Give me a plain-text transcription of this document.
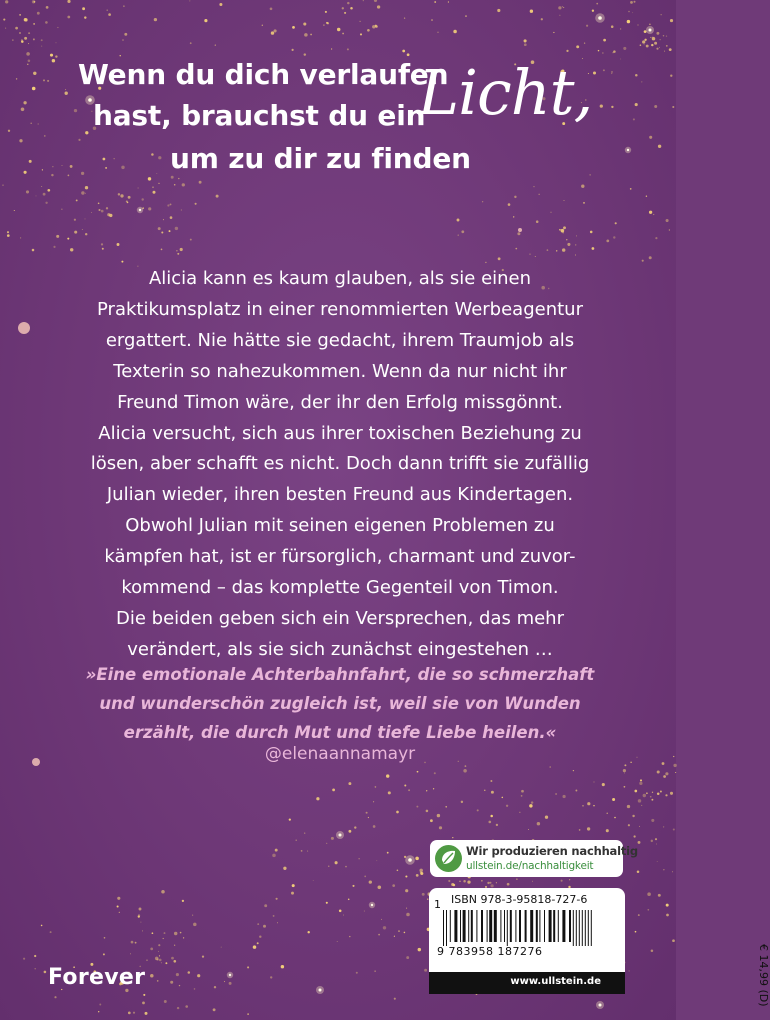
Wenn du dich verlaufen
hast, brauchst du ein
Licht,
um zu dir zu finden
Alicia kann es kaum glauben, als sie einen
Praktikumsplatz in einer renommierten Werbeagentur
ergattert. Nie hätte sie gedacht, ihrem Traumjob als
Texterin so nahezukommen. Wenn da nur nicht ihr
Freund Timon wäre, der ihr den Erfolg missgönnt.
Alicia versucht, sich aus ihrer toxischen Beziehung zu
lösen, aber schafft es nicht. Doch dann trifft sie zufällig
Julian wieder, ihren besten Freund aus Kindertagen.
Obwohl Julian mit seinen eigenen Problemen zu
kämpfen hat, ist er fürsorglich, charmant und zuvor-
kommend – das komplette Gegenteil von Timon.
Die beiden geben sich ein Versprechen, das mehr
verändert, als sie sich zunächst eingestehen …
»Eine emotionale Achterbahnfahrt, die so schmerzhaft
und wunderschön zugleich ist, weil sie von Wunden
erzählt, die durch Mut und tiefe Liebe heilen.«
@elenaannamayr
Forever
Wir produzieren nachhaltig
ullstein.de/nachhaltigkeit
ISBN 978-3-95818-727-6
1
9 783958 187276	€ 14,99 (D)
www.ullstein.de
